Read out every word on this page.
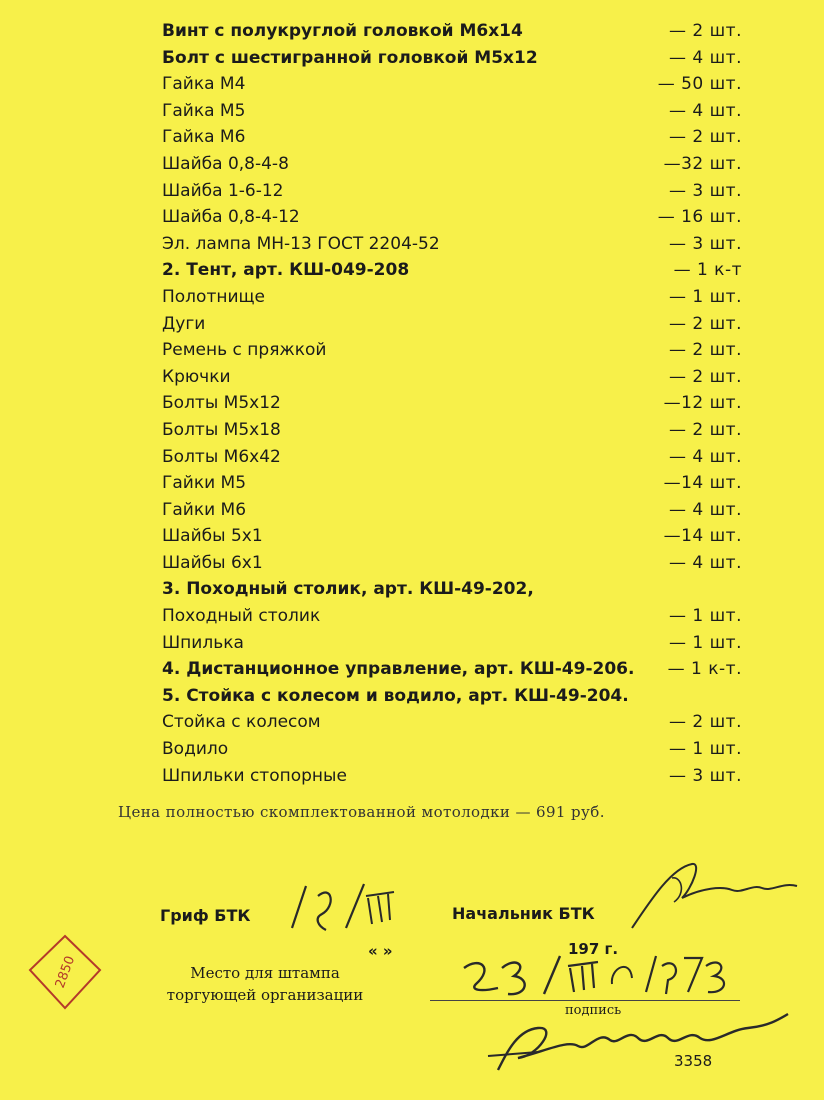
Винт с полукруглой головкой М6х14	— 2 шт.
Болт с шестигранной головкой М5х12	— 4 шт.
Гайка М4	— 50 шт.
Гайка М5	— 4 шт.
Гайка М6	— 2 шт.
Шайба 0,8-4-8	—32 шт.
Шайба 1-6-12	— 3 шт.
Шайба 0,8-4-12	— 16 шт.
Эл. лампа МН-13 ГОСТ 2204-52	— 3 шт.
2. Тент, арт. КШ-049-208	— 1 к-т
Полотнище	— 1 шт.
Дуги	— 2 шт.
Ремень с пряжкой	— 2 шт.
Крючки	— 2 шт.
Болты М5х12	—12 шт.
Болты М5х18	— 2 шт.
Болты М6х42	— 4 шт.
Гайки М5	—14 шт.
Гайки М6	— 4 шт.
Шайбы 5х1	—14 шт.
Шайбы 6х1	— 4 шт.
3. Походный столик, арт. КШ-49-202,
Походный столик	— 1 шт.
Шпилька	— 1 шт.
4. Дистанционное управление, арт. КШ-49-206. — 1 к-т.
5. Стойка с колесом и водило, арт. КШ-49-204.
Стойка с колесом	— 2 шт.
Водило	— 1 шт.
Шпильки стопорные	— 3 шт.
Цена полностью скомплектованной мотолодки — 691 руб.
Гриф БТК	Начальник БТК
« »	197 г.
Место для штампа торгующей организации
2850
подпись
3358
